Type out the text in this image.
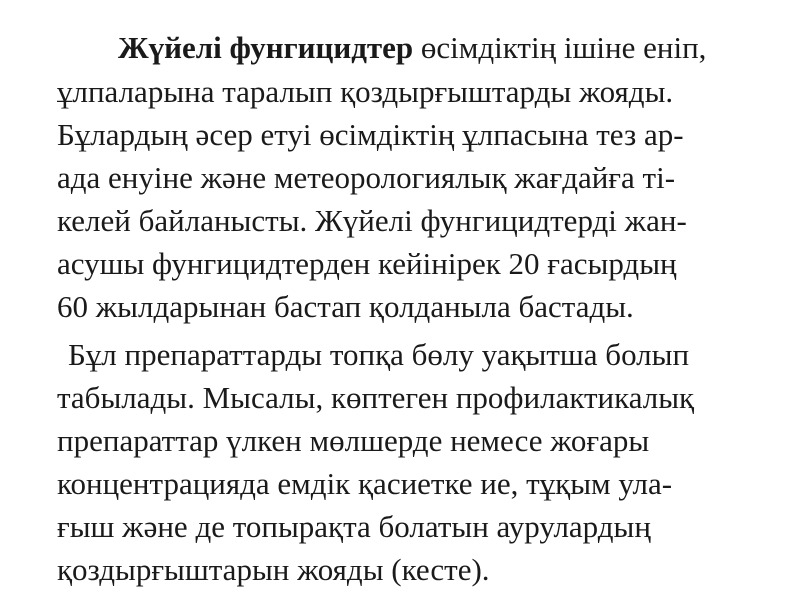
Жүйелі фунгицидтер өсімдіктің ішіне еніп,

ұлпаларына таралып қоздырғыштарды жояды.

Бұлардың әсер етуі өсімдіктің ұлпасына тез ар-

ада енуіне және метеорологиялық жағдайға ті-

келей байланысты. Жүйелі фунгицидтерді жан-

асушы фунгицидтерден кейінірек 20 ғасырдың

60 жылдарынан бастап қолданыла бастады.

Бұл препараттарды топқа бөлу уақытша болып

табылады. Мысалы, көптеген профилактикалық

препараттар үлкен мөлшерде немесе жоғары

концентрацияда емдік қасиетке ие, тұқым ула-

ғыш және де топырақта болатын аурулардың

қоздырғыштарын жояды (кесте).
